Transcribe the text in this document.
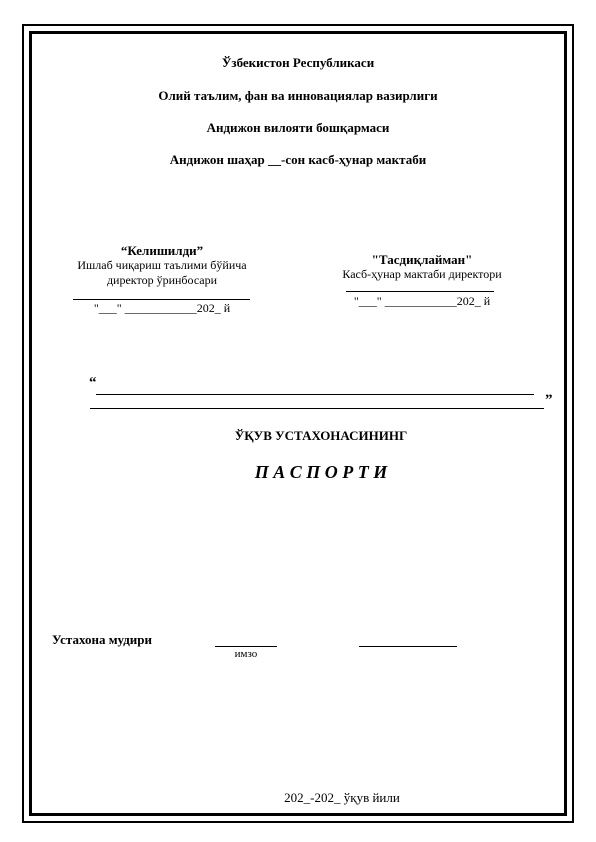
Ўзбекистон Республикаси
Олий таълим, фан ва инновациялар вазирлиги
Андижон вилояти бошқармаси
Андижон шаҳар __-сон касб-ҳунар мактаби
“Келишилди”
Ишлаб чиқариш таълими бўйича
директор ўринбосари
"___" ____________202_ й
"Тасдиқлайман"
Касб-ҳунар мактаби директори
"___" ____________202_ й
“
”
ЎҚУВ УСТАХОНАСИНИНГ
П А С П О Р Т И
Устахона мудири
имзо
202_-202_ ўқув йили
